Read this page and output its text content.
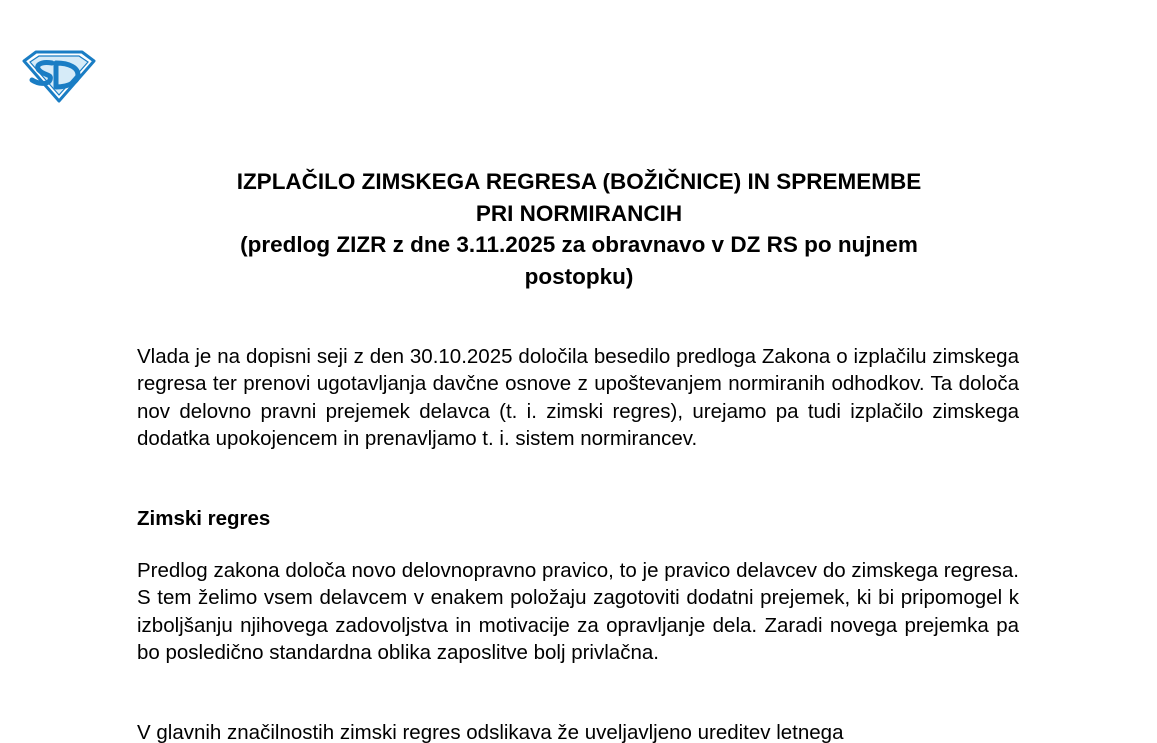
IZPLAČILO ZIMSKEGA REGRESA (BOŽIČNICE) IN SPREMEMBE
PRI NORMIRANCIH
(predlog ZIZR z dne 3.11.2025 za obravnavo v DZ RS po nujnem
postopku)

Vlada je na dopisni seji z den 30.10.2025 določila besedilo predloga Zakona o izplačilu zimskega regresa ter prenovi ugotavljanja davčne osnove z upoštevanjem normiranih odhodkov. Ta določa nov delovno pravni prejemek delavca (t. i. zimski regres), urejamo pa tudi izplačilo zimskega dodatka upokojencem in prenavljamo t. i. sistem normirancev.

Zimski regres

Predlog zakona določa novo delovnopravno pravico, to je pravico delavcev do zimskega regresa. S tem želimo vsem delavcem v enakem položaju zagotoviti dodatni prejemek, ki bi pripomogel k izboljšanju njihovega zadovoljstva in motivacije za opravljanje dela. Zaradi novega prejemka pa bo posledično standardna oblika zaposlitve bolj privlačna.

V glavnih značilnostih zimski regres odslikava že uveljavljeno ureditev letnega
